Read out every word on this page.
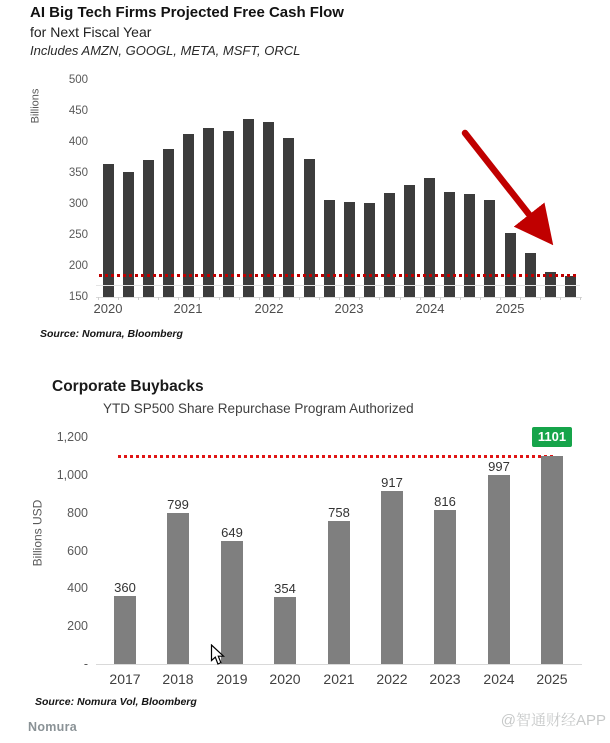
AI Big Tech Firms Projected Free Cash Flow
for Next Fiscal Year
Includes AMZN, GOOGL, META, MSFT, ORCL
Billions
500
450
400
350
300
250
200
150
2020	2021	2022	2023	2024	2025
Source: Nomura, Bloomberg
Corporate Buybacks
YTD SP500 Share Repurchase Program Authorized
Billions USD
1,200
1,000
800
600
400
200
-
360
799
649
354
758
917
816
997
1101
2017	2018	2019	2020	2021	2022	2023	2024	2025
Source: Nomura Vol, Bloomberg
Nomura	@智通财经APP
